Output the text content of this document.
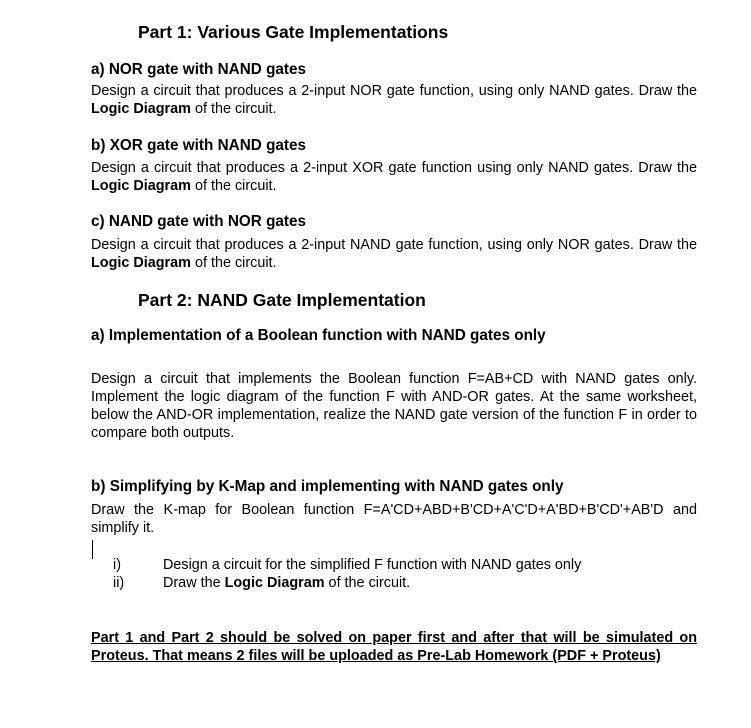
Part 1: Various Gate Implementations
a) NOR gate with NAND gates

Design a circuit that produces a 2-input NOR gate function, using only NAND gates. Draw the Logic Diagram of the circuit.

b) XOR gate with NAND gates

Design a circuit that produces a 2-input XOR gate function using only NAND gates. Draw the Logic Diagram of the circuit.

c) NAND gate with NOR gates

Design a circuit that produces a 2-input NAND gate function, using only NOR gates. Draw the Logic Diagram of the circuit.

Part 2: NAND Gate Implementation
a) Implementation of a Boolean function with NAND gates only

Design a circuit that implements the Boolean function F=AB+CD with NAND gates only. Implement the logic diagram of the function F with AND-OR gates. At the same worksheet, below the AND-OR implementation, realize the NAND gate version of the function F in order to compare both outputs.

b) Simplifying by K-Map and implementing with NAND gates only

Draw the K-map for Boolean function F=A'CD+ABD+B'CD+A'C'D+A'BD+B'CD'+AB'D and simplify it.

i)	Design a circuit for the simplified F function with NAND gates only
ii)	Draw the Logic Diagram of the circuit.

Part 1 and Part 2 should be solved on paper first and after that will be simulated on Proteus. That means 2 files will be uploaded as Pre-Lab Homework (PDF + Proteus)
